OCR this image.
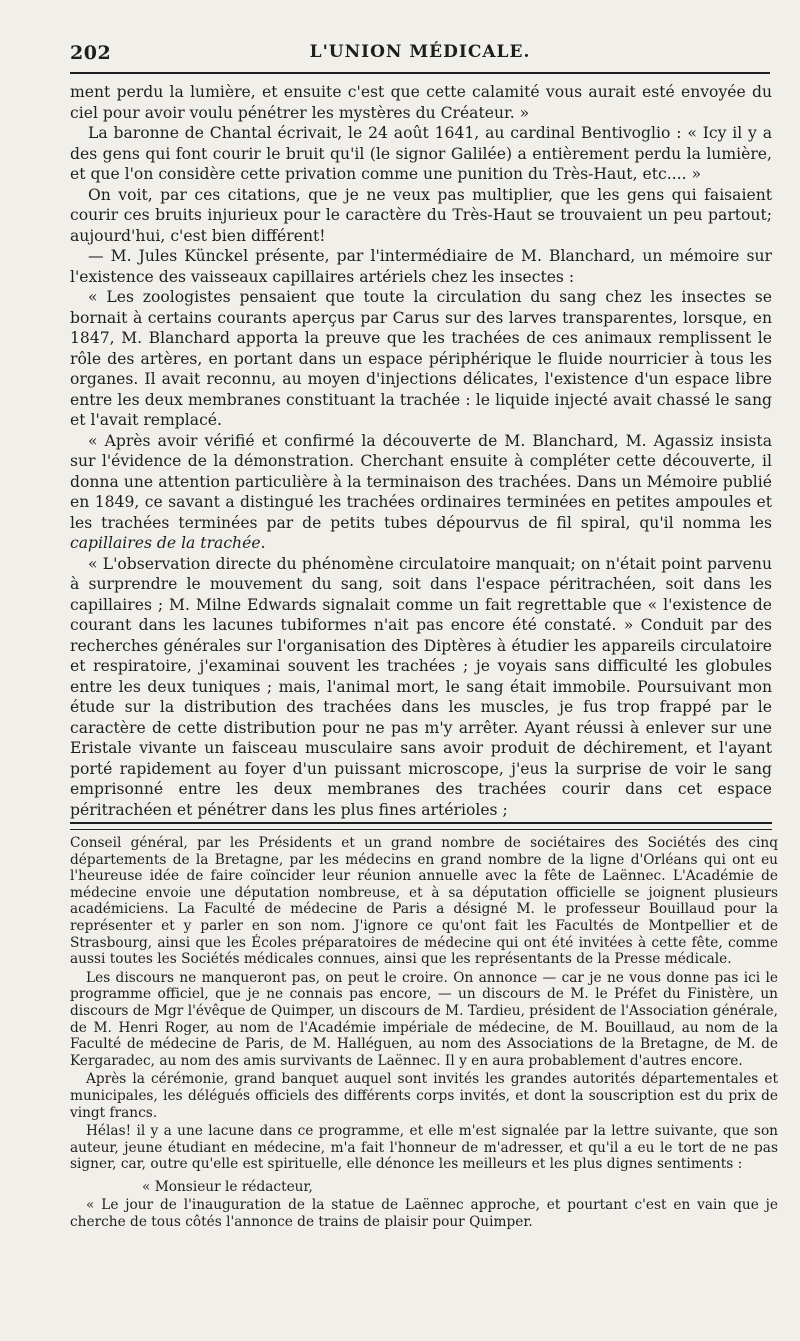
202	L'UNION MÉDICALE.

ment perdu la lumière, et ensuite c'est que cette calamité vous aurait esté envoyée du ciel pour avoir voulu pénétrer les mystères du Créateur. »

La baronne de Chantal écrivait, le 24 août 1641, au cardinal Bentivoglio : « Icy il y a des gens qui font courir le bruit qu'il (le signor Galilée) a entièrement perdu la lumière, et que l'on considère cette privation comme une punition du Très-Haut, etc.... »

On voit, par ces citations, que je ne veux pas multiplier, que les gens qui faisaient courir ces bruits injurieux pour le caractère du Très-Haut se trouvaient un peu partout; aujourd'hui, c'est bien différent!

— M. Jules Künckel présente, par l'intermédiaire de M. Blanchard, un mémoire sur l'existence des vaisseaux capillaires artériels chez les insectes :

« Les zoologistes pensaient que toute la circulation du sang chez les insectes se bornait à certains courants aperçus par Carus sur des larves transparentes, lorsque, en 1847, M. Blanchard apporta la preuve que les trachées de ces animaux remplissent le rôle des artères, en portant dans un espace périphérique le fluide nourricier à tous les organes. Il avait reconnu, au moyen d'injections délicates, l'existence d'un espace libre entre les deux membranes constituant la trachée : le liquide injecté avait chassé le sang et l'avait remplacé.

« Après avoir vérifié et confirmé la découverte de M. Blanchard, M. Agassiz insista sur l'évidence de la démonstration. Cherchant ensuite à compléter cette découverte, il donna une attention particulière à la terminaison des trachées. Dans un Mémoire publié en 1849, ce savant a distingué les trachées ordinaires terminées en petites ampoules et les trachées terminées par de petits tubes dépourvus de fil spiral, qu'il nomma les capillaires de la trachée.

« L'observation directe du phénomène circulatoire manquait; on n'était point parvenu à surprendre le mouvement du sang, soit dans l'espace péritrachéen, soit dans les capillaires ; M. Milne Edwards signalait comme un fait regrettable que « l'existence de courant dans les lacunes tubiformes n'ait pas encore été constaté. » Conduit par des recherches générales sur l'organisation des Diptères à étudier les appareils circulatoire et respiratoire, j'examinai souvent les trachées ; je voyais sans difficulté les globules entre les deux tuniques ; mais, l'animal mort, le sang était immobile. Poursuivant mon étude sur la distribution des trachées dans les muscles, je fus trop frappé par le caractère de cette distribution pour ne pas m'y arrêter. Ayant réussi à enlever sur une Eristale vivante un faisceau musculaire sans avoir produit de déchirement, et l'ayant porté rapidement au foyer d'un puissant microscope, j'eus la surprise de voir le sang emprisonné entre les deux membranes des trachées courir dans cet espace péritrachéen et pénétrer dans les plus fines artérioles ;

Conseil général, par les Présidents et un grand nombre de sociétaires des Sociétés des cinq départements de la Bretagne, par les médecins en grand nombre de la ligne d'Orléans qui ont eu l'heureuse idée de faire coïncider leur réunion annuelle avec la fête de Laënnec. L'Académie de médecine envoie une députation nombreuse, et à sa députation officielle se joignent plusieurs académiciens. La Faculté de médecine de Paris a désigné M. le professeur Bouillaud pour la représenter et y parler en son nom. J'ignore ce qu'ont fait les Facultés de Montpellier et de Strasbourg, ainsi que les Écoles préparatoires de médecine qui ont été invitées à cette fête, comme aussi toutes les Sociétés médicales connues, ainsi que les représentants de la Presse médicale.

Les discours ne manqueront pas, on peut le croire. On annonce — car je ne vous donne pas ici le programme officiel, que je ne connais pas encore, — un discours de M. le Préfet du Finistère, un discours de Mgr l'évêque de Quimper, un discours de M. Tardieu, président de l'Association générale, de M. Henri Roger, au nom de l'Académie impériale de médecine, de M. Bouillaud, au nom de la Faculté de médecine de Paris, de M. Halléguen, au nom des Associations de la Bretagne, de M. de Kergaradec, au nom des amis survivants de Laënnec. Il y en aura probablement d'autres encore.

Après la cérémonie, grand banquet auquel sont invités les grandes autorités départementales et municipales, les délégués officiels des différents corps invités, et dont la souscription est du prix de vingt francs.

Hélas! il y a une lacune dans ce programme, et elle m'est signalée par la lettre suivante, que son auteur, jeune étudiant en médecine, m'a fait l'honneur de m'adresser, et qu'il a eu le tort de ne pas signer, car, outre qu'elle est spirituelle, elle dénonce les meilleurs et les plus dignes sentiments :

« Monsieur le rédacteur,

« Le jour de l'inauguration de la statue de Laënnec approche, et pourtant c'est en vain que je cherche de tous côtés l'annonce de trains de plaisir pour Quimper.
